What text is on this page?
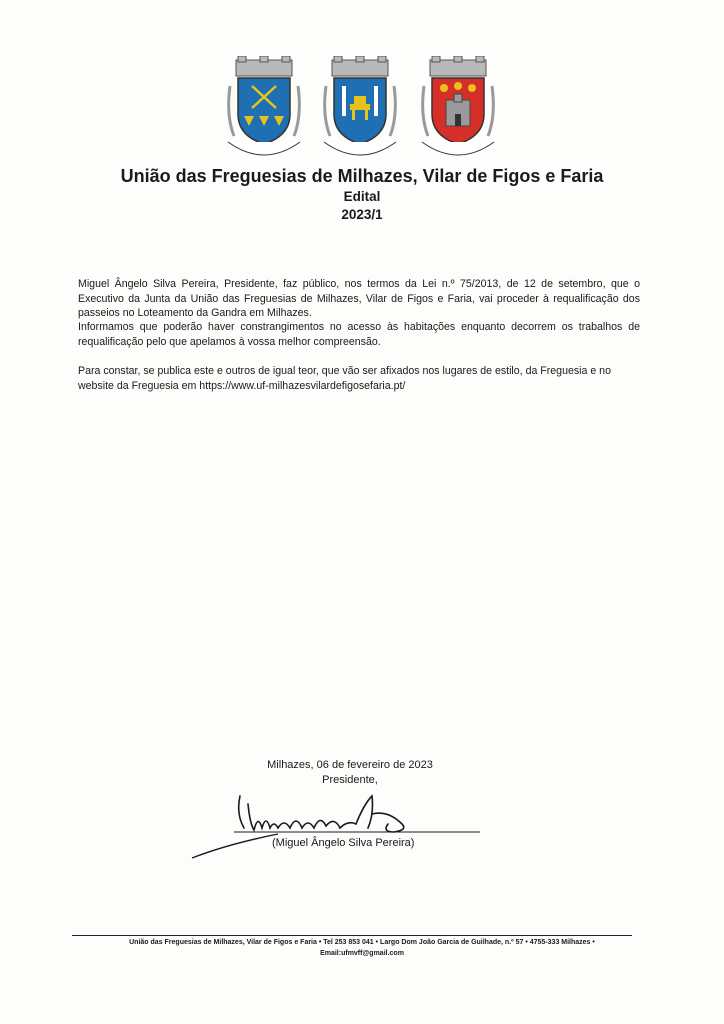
União das Freguesias de Milhazes, Vilar de Figos e Faria
Edital
2023/1

Miguel Ângelo Silva Pereira, Presidente, faz público, nos termos da Lei n.º 75/2013, de 12 de setembro, que o Executivo da Junta da União das Freguesias de Milhazes, Vilar de Figos e Faria, vai proceder à requalificação dos passeios no Loteamento da Gandra em Milhazes.

Informamos que poderão haver constrangimentos no acesso às habitações enquanto decorrem os trabalhos de requalificação pelo que apelamos à vossa melhor compreensão.

Para constar, se publica este e outros de igual teor, que vão ser afixados nos lugares de estilo, da Freguesia e no website da Freguesia em https://www.uf-milhazesvilardefigosefaria.pt/

Milhazes, 06 de fevereiro de 2023
Presidente,
(Miguel Ângelo Silva Pereira)
União das Freguesias de Milhazes, Vilar de Figos e Faria • Tel 253 853 041 • Largo Dom João Garcia de Guilhade, n.º 57 • 4755-333 Milhazes •
Email:ufmvff@gmail.com
